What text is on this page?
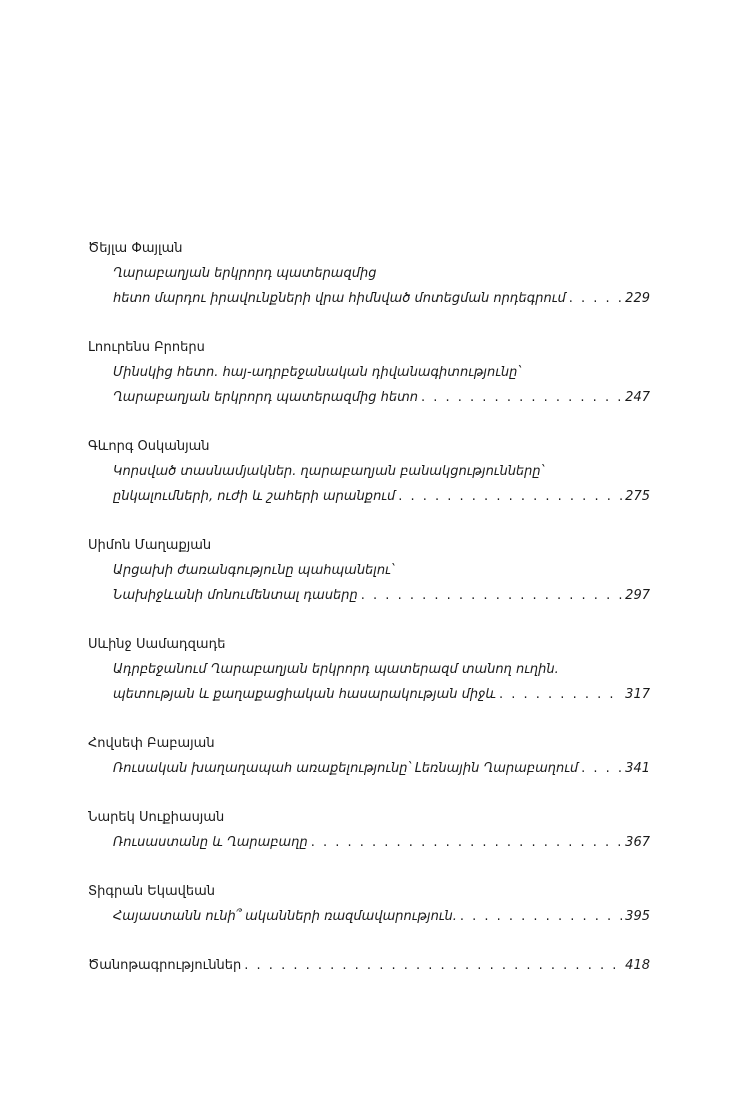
Ծեյլա Փայլան
Ղարաբաղյան երկրորդ պատերազմից
հետո մարդու իրավունքների վրա հիմնված մոտեցման որդեգրում . . .	229
Լոուրենս Բրոերս
Մինսկից հետո. հայ-ադրբեջանական դիվանագիտությունը՝
Ղարաբաղյան երկրորդ պատերազմից հետո . . .	247
Գևորգ Օսկանյան
Կորսված տասնամյակներ. ղարաբաղյան բանակցությունները՝
ընկալումների, ուժի և շահերի արանքում . . .	275
Սիմոն Մաղաքյան
Արցախի ժառանգությունը պահպանելու՝
Նախիջևանի մոնումենտալ դասերը . . .	297
Սևինջ Սամադզադե
Ադրբեջանում Ղարաբաղյան երկրորդ պատերազմ տանող ուղին.
պետության և քաղաքացիական հասարակության միջև . . .	317
Հովսեփ Բաբայան
Ռուսական խաղաղապահ առաքելությունը՝ Լեռնային Ղարաբաղում . . .	341
Նարեկ Սուքիասյան
Ռուսաստանը և Ղարաբաղը . . .	367
Տիգրան Եկավեան
Հայաստանն ունի՞ ականների ռազմավարություն. . . .	395
Ծանոթագրություններ . . .	418
